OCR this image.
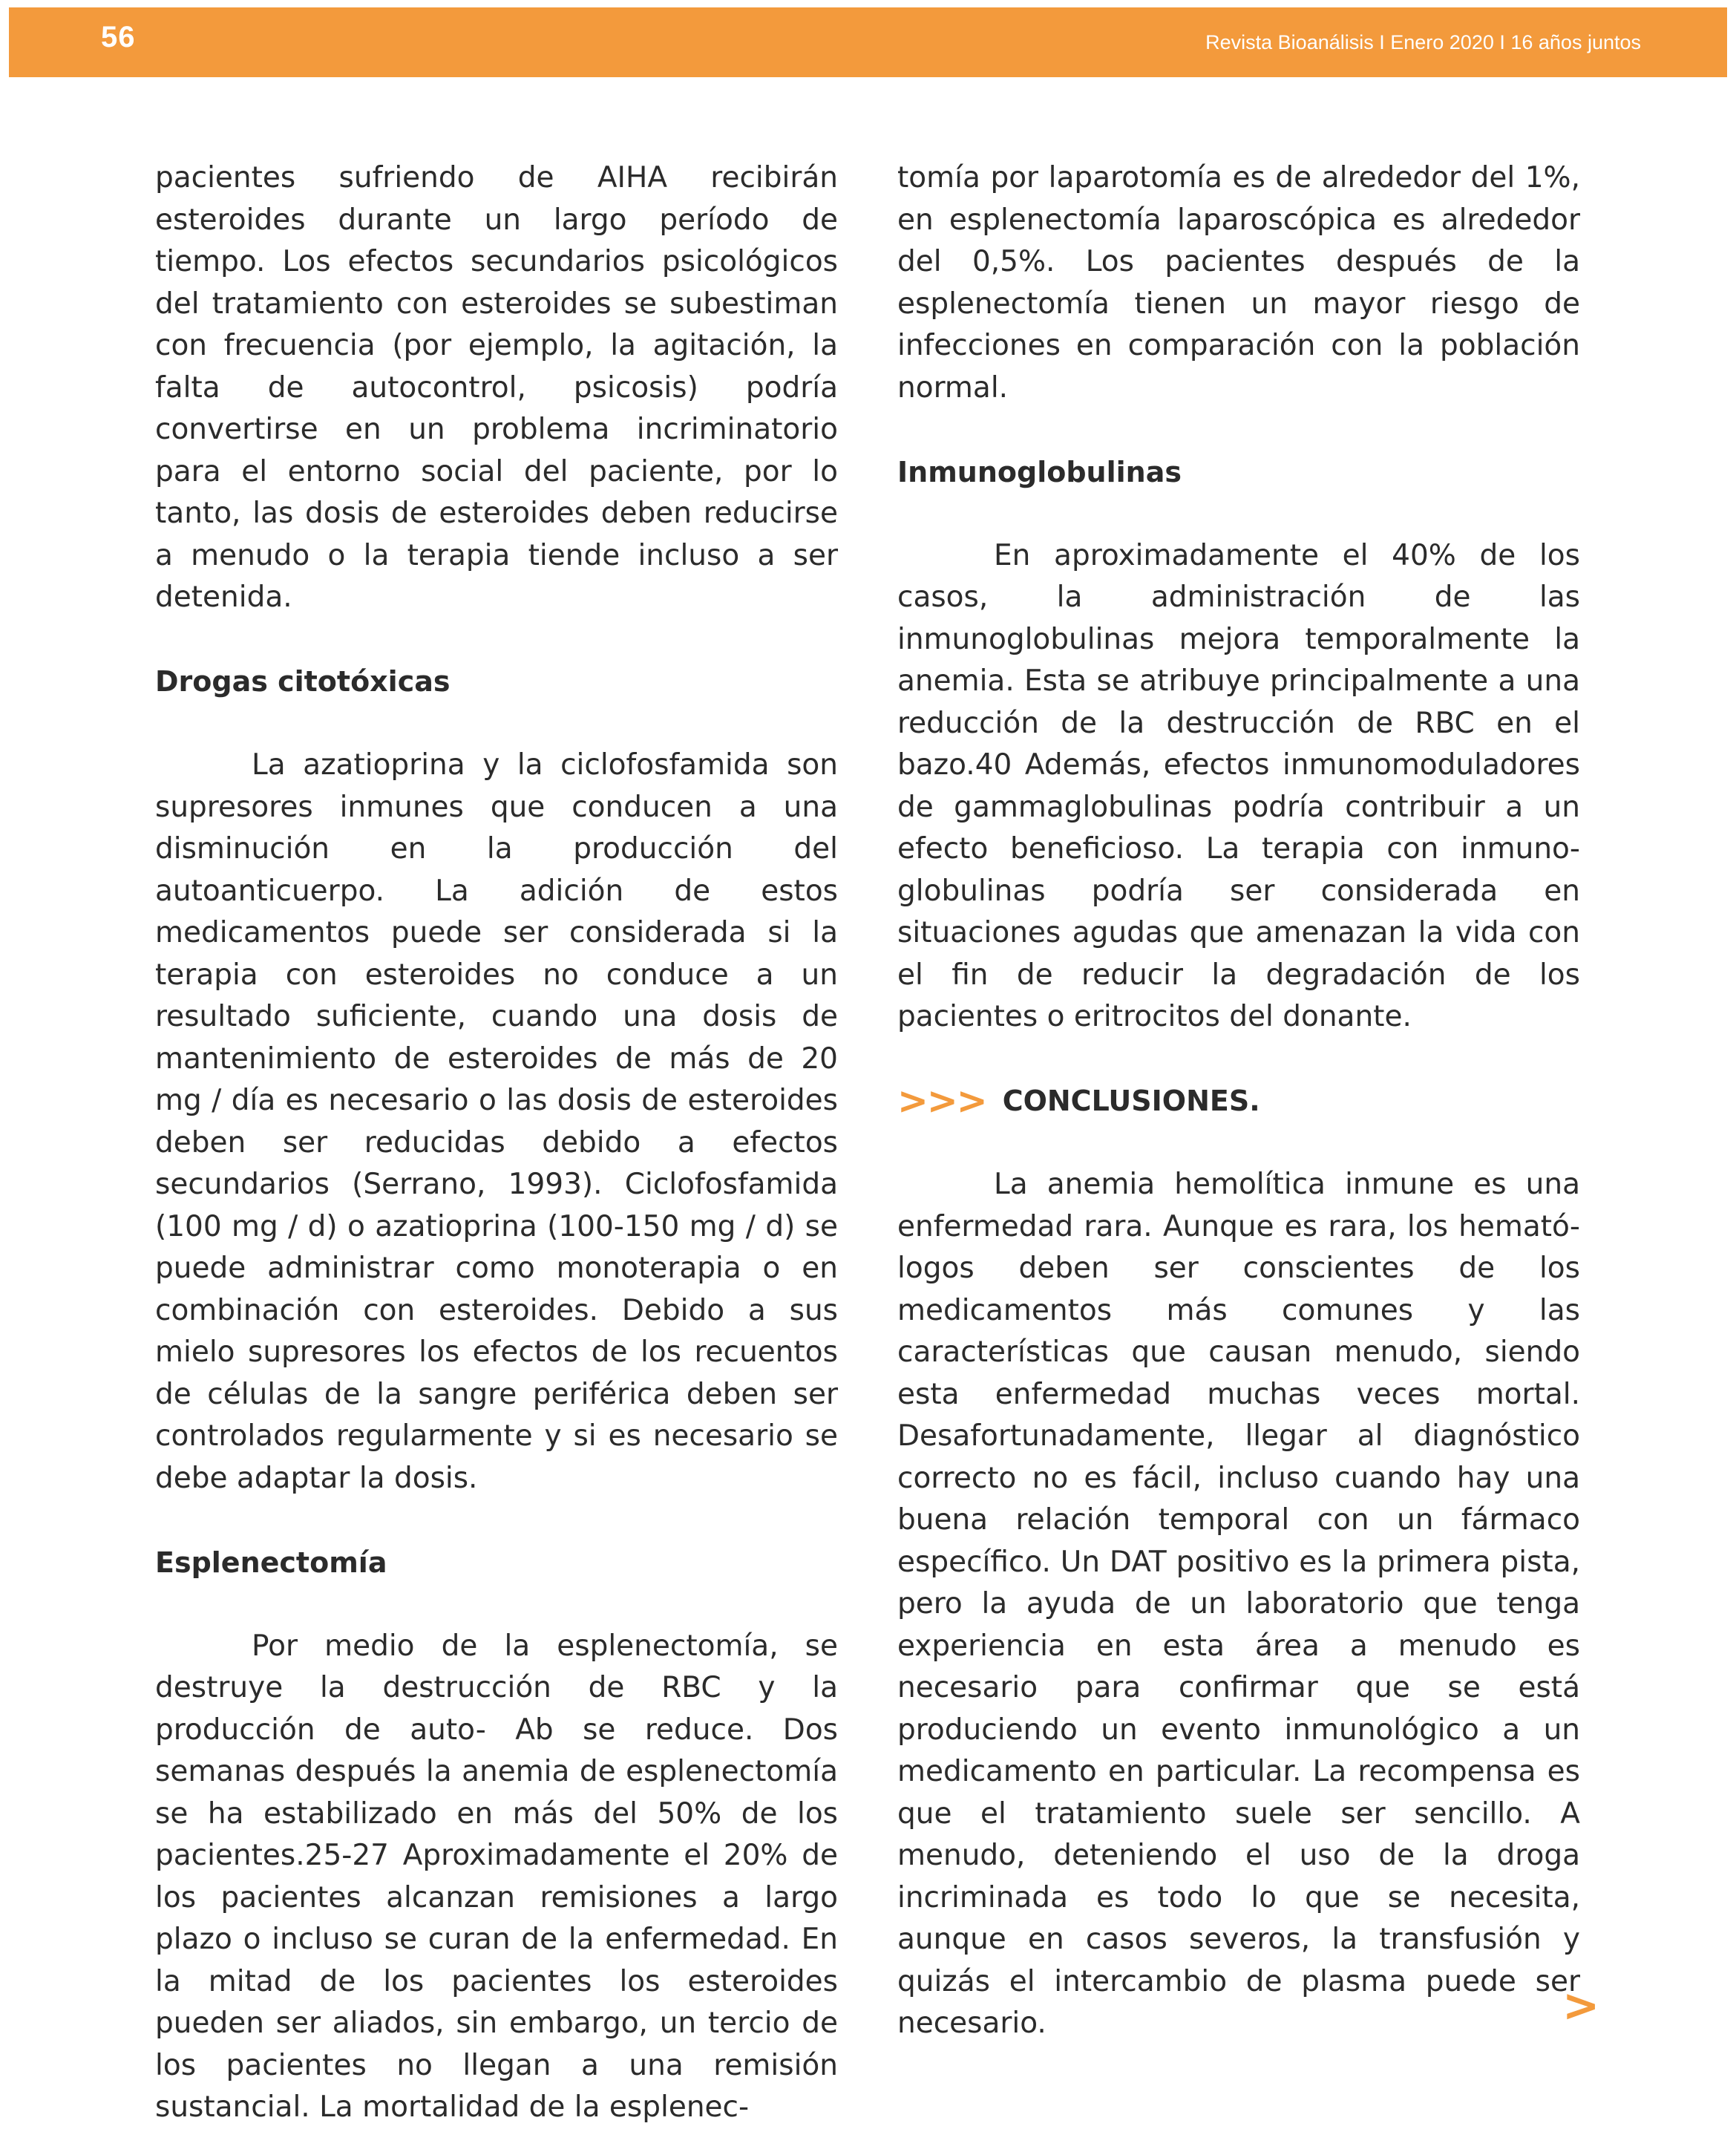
56	Revista Bioanálisis I Enero 2020 I 16 años juntos

pacientes sufriendo de AIHA recibirán esteroides durante un largo período de tiempo. Los efectos secundarios psicológicos del tratamiento con esteroides se subestiman con frecuencia (por ejemplo, la agitación, la falta de autocontrol, psicosis) podría convertirse en un problema incriminatorio para el entorno social del paciente, por lo tanto, las dosis de esteroides deben reducirse a menudo o la terapia tiende incluso a ser detenida.

Drogas citotóxicas

La azatioprina y la ciclofosfamida son supresores inmunes que conducen a una disminución en la producción del autoanticuerpo. La adición de estos medicamentos puede ser considerada si la terapia con esteroides no conduce a un resultado suficiente, cuando una dosis de mantenimiento de esteroides de más de 20 mg / día es necesario o las dosis de esteroides deben ser reducidas debido a efectos secundarios (Serrano, 1993). Ciclofosfamida (100 mg / d) o azatioprina (100-150 mg / d) se puede administrar como monoterapia o en combinación con esteroides. Debido a sus mielo supresores los efectos de los recuentos de células de la sangre periférica deben ser controlados regularmente y si es necesario se debe adaptar la dosis.

Esplenectomía

Por medio de la esplenectomía, se destruye la destrucción de RBC y la producción de auto- Ab se reduce. Dos semanas después la anemia de esplenectomía se ha estabilizado en más del 50% de los pacientes.25-27 Aproximadamente el 20% de los pacientes alcanzan remisiones a largo plazo o incluso se curan de la enfermedad. En la mitad de los pacientes los esteroides pueden ser aliados, sin embargo, un tercio de los pacientes no llegan a una remisión sustancial. La mortalidad de la esplenec-

tomía por laparotomía es de alrededor del 1%, en esplenectomía laparoscópica es alrededor del 0,5%. Los pacientes después de la esplenectomía tienen un mayor riesgo de infecciones en comparación con la población normal.

Inmunoglobulinas

En aproximadamente el 40% de los casos, la administración de las inmunoglobulinas mejora temporalmente la anemia. Esta se atribuye principalmente a una reducción de la destrucción de RBC en el bazo.40 Además, efectos inmunomoduladores de gammaglobulinas podría contribuir a un efecto beneficioso. La terapia con inmunoglobulinas podría ser considerada en situaciones agudas que amenazan la vida con el fin de reducir la degradación de los pacientes o eritrocitos del donante.

>>> CONCLUSIONES.

La anemia hemolítica inmune es una enfermedad rara. Aunque es rara, los hematólogos deben ser conscientes de los medicamentos más comunes y las características que causan menudo, siendo esta enfermedad muchas veces mortal. Desafortunadamente, llegar al diagnóstico correcto no es fácil, incluso cuando hay una buena relación temporal con un fármaco específico. Un DAT positivo es la primera pista, pero la ayuda de un laboratorio que tenga experiencia en esta área a menudo es necesario para confirmar que se está produciendo un evento inmunológico a un medicamento en particular. La recompensa es que el tratamiento suele ser sencillo. A menudo, deteniendo el uso de la droga incriminada es todo lo que se necesita, aunque en casos severos, la transfusión y quizás el intercambio de plasma puede ser necesario.	>
